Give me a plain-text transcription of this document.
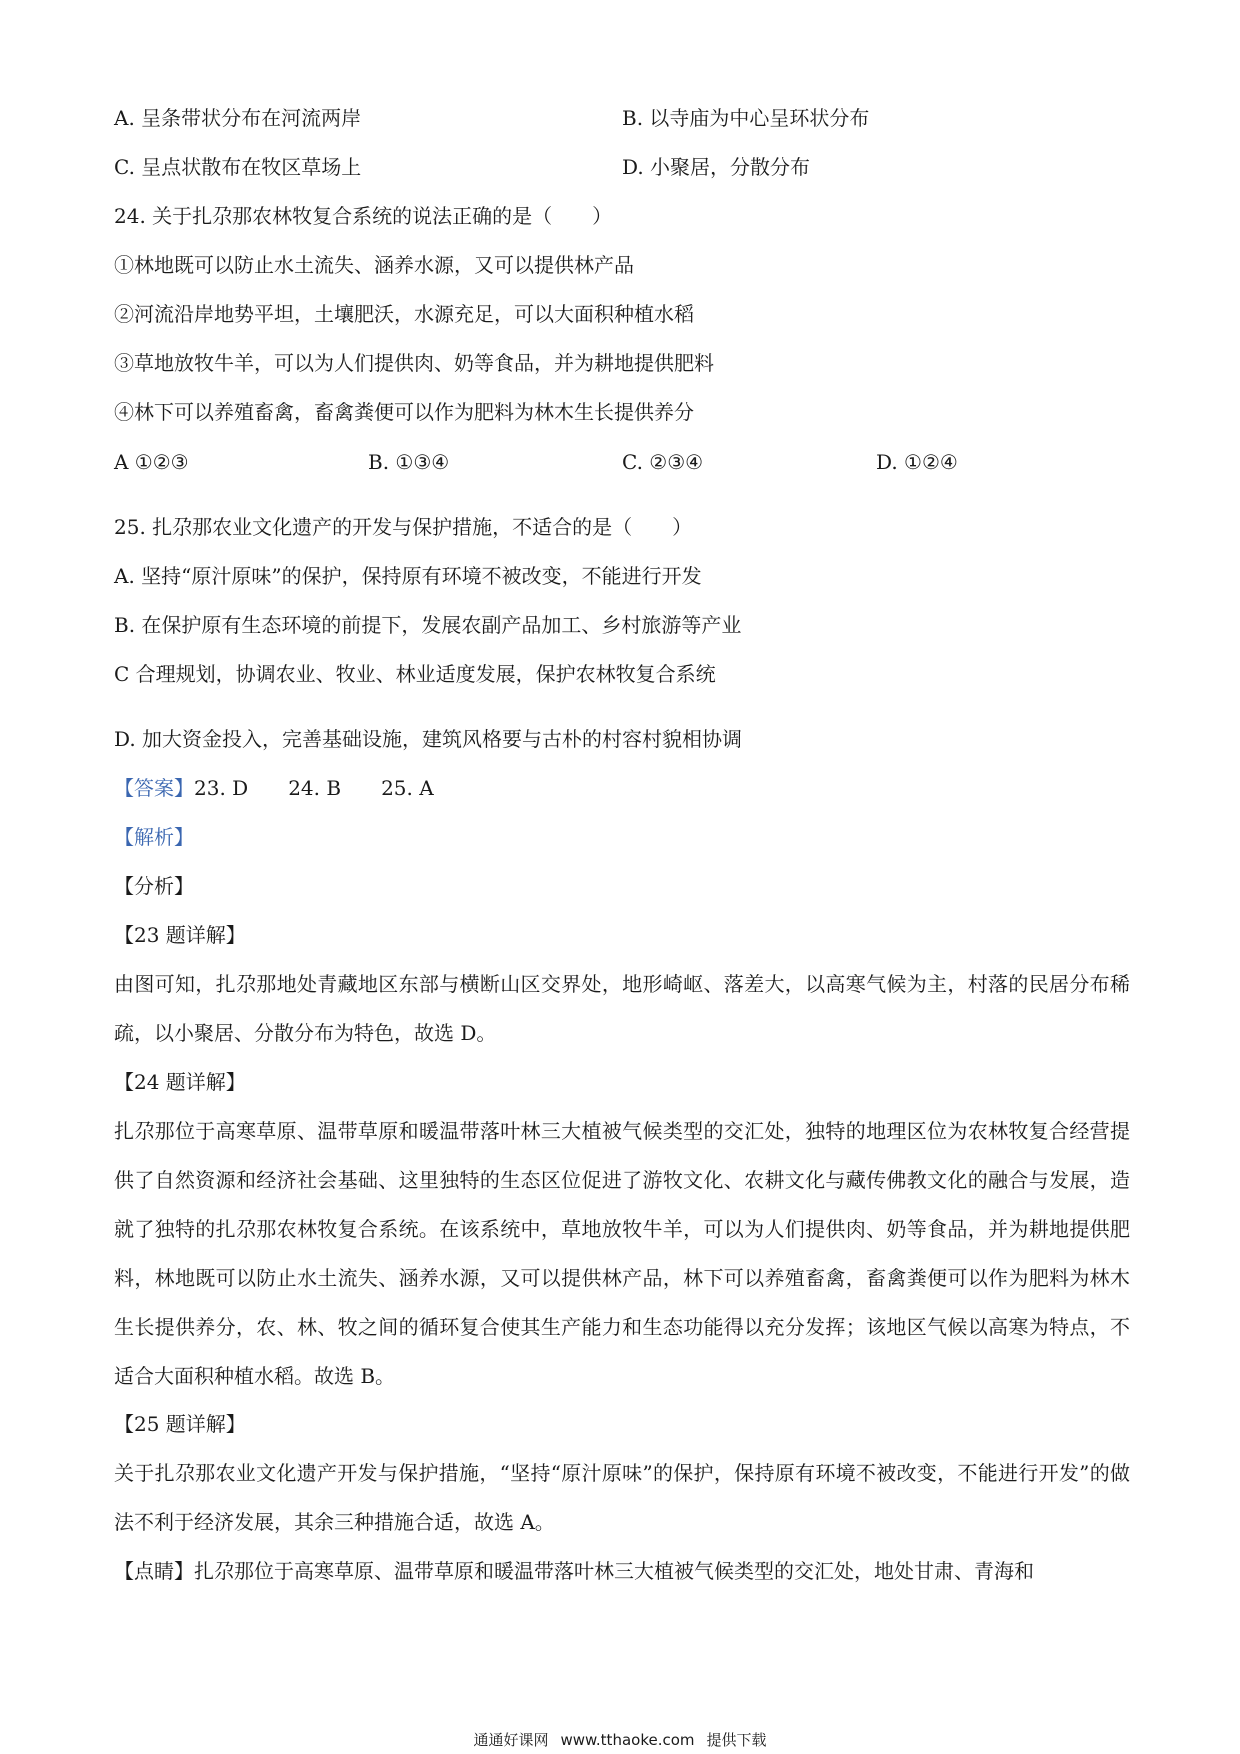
A. 呈条带状分布在河流两岸	B. 以寺庙为中心呈环状分布
C. 呈点状散布在牧区草场上	D. 小聚居，分散分布
24. 关于扎尕那农林牧复合系统的说法正确的是（　　）
①林地既可以防止水土流失、涵养水源，又可以提供林产品
②河流沿岸地势平坦，土壤肥沃，水源充足，可以大面积种植水稻
③草地放牧牛羊，可以为人们提供肉、奶等食品，并为耕地提供肥料
④林下可以养殖畜禽，畜禽粪便可以作为肥料为林木生长提供养分
A ①②③	B. ①③④	C. ②③④	D. ①②④
25. 扎尕那农业文化遗产的开发与保护措施，不适合的是（　　）
A. 坚持“原汁原味”的保护，保持原有环境不被改变，不能进行开发
B. 在保护原有生态环境的前提下，发展农副产品加工、乡村旅游等产业
C 合理规划，协调农业、牧业、林业适度发展，保护农林牧复合系统
D. 加大资金投入，完善基础设施，建筑风格要与古朴的村容村貌相协调
【答案】23. D 24. B 25. A
【解析】
【分析】
【23 题详解】
由图可知，扎尕那地处青藏地区东部与横断山区交界处，地形崎岖、落差大，以高寒气候为主，村落的民居分布稀疏，以小聚居、分散分布为特色，故选 D。
【24 题详解】
扎尕那位于高寒草原、温带草原和暖温带落叶林三大植被气候类型的交汇处，独特的地理区位为农林牧复合经营提供了自然资源和经济社会基础、这里独特的生态区位促进了游牧文化、农耕文化与藏传佛教文化的融合与发展，造就了独特的扎尕那农林牧复合系统。在该系统中，草地放牧牛羊，可以为人们提供肉、奶等食品，并为耕地提供肥料，林地既可以防止水土流失、涵养水源，又可以提供林产品，林下可以养殖畜禽，畜禽粪便可以作为肥料为林木生长提供养分，农、林、牧之间的循环复合使其生产能力和生态功能得以充分发挥；该地区气候以高寒为特点，不适合大面积种植水稻。故选 B。
【25 题详解】
关于扎尕那农业文化遗产开发与保护措施，“坚持“原汁原味”的保护，保持原有环境不被改变，不能进行开发”的做法不利于经济发展，其余三种措施合适，故选 A。
【点睛】扎尕那位于高寒草原、温带草原和暖温带落叶林三大植被气候类型的交汇处，地处甘肃、青海和
通通好课网 www.tthaoke.com 提供下载
